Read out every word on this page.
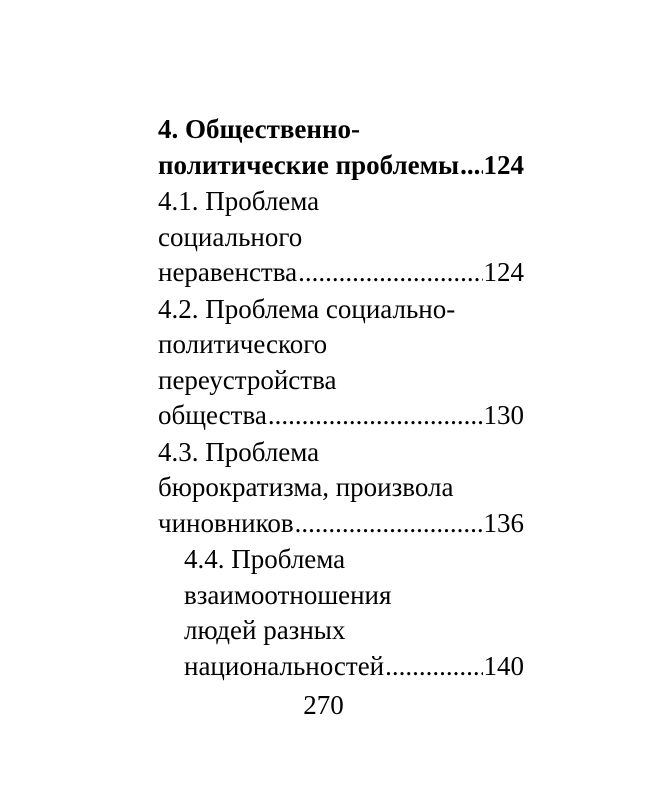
4. Общественно-
политические проблемы ..... 124
4.1. Проблема
социального
неравенства .....	124
4.2. Проблема социально-
политического
переустройства
общества .....	130
4.3. Проблема
бюрократизма, произвола
чиновников .....	136
4.4. Проблема
взаимоотношения
людей разных
национальностей .....	140
270
